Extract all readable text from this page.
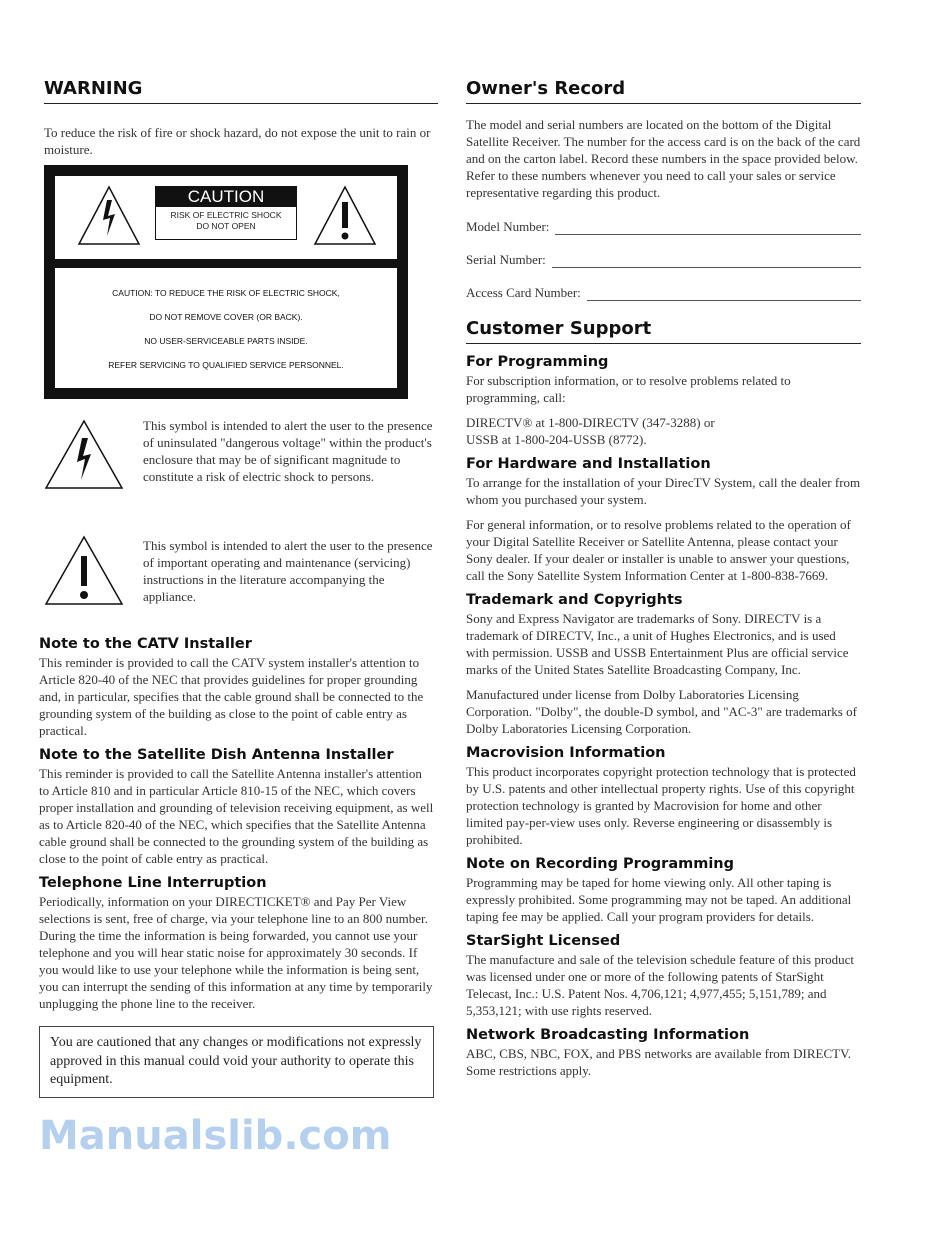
WARNING

To reduce the risk of fire or shock hazard, do not expose the unit to rain or moisture.

CAUTION
RISK OF ELECTRIC SHOCK
DO NOT OPEN
CAUTION: TO REDUCE THE RISK OF ELECTRIC SHOCK,
DO NOT REMOVE COVER (OR BACK).
NO USER-SERVICEABLE PARTS INSIDE.
REFER SERVICING TO QUALIFIED SERVICE PERSONNEL.

This symbol is intended to alert the user to the presence of uninsulated "dangerous voltage" within the product's enclosure that may be of significant magnitude to constitute a risk of electric shock to persons.

This symbol is intended to alert the user to the presence of important operating and maintenance (servicing) instructions in the literature accompanying the appliance.

Note to the CATV Installer

This reminder is provided to call the CATV system installer's attention to Article 820-40 of the NEC that provides guidelines for proper grounding and, in particular, specifies that the cable ground shall be connected to the grounding system of the building as close to the point of cable entry as practical.

Note to the Satellite Dish Antenna Installer

This reminder is provided to call the Satellite Antenna installer's attention to Article 810 and in particular Article 810-15 of the NEC, which covers proper installation and grounding of television receiving equipment, as well as to Article 820-40 of the NEC, which specifies that the Satellite Antenna cable ground shall be connected to the grounding system of the building as close to the point of cable entry as practical.

Telephone Line Interruption

Periodically, information on your DIRECTICKET® and Pay Per View selections is sent, free of charge, via your telephone line to an 800 number. During the time the information is being forwarded, you cannot use your telephone and you will hear static noise for approximately 30 seconds. If you would like to use your telephone while the information is being sent, you can interrupt the sending of this information at any time by temporarily unplugging the phone line to the receiver.

You are cautioned that any changes or modifications not expressly approved in this manual could void your authority to operate this equipment.
Manualslib.com
Owner's Record

The model and serial numbers are located on the bottom of the Digital Satellite Receiver. The number for the access card is on the back of the card and on the carton label. Record these numbers in the space provided below. Refer to these numbers whenever you need to call your sales or service representative regarding this product.

Model Number:
Serial Number:
Access Card Number:
Customer Support
For Programming

For subscription information, or to resolve problems related to programming, call:

DIRECTV® at 1-800-DIRECTV (347-3288) or USSB at 1-800-204-USSB (8772).

For Hardware and Installation

To arrange for the installation of your DirecTV System, call the dealer from whom you purchased your system.

For general information, or to resolve problems related to the operation of your Digital Satellite Receiver or Satellite Antenna, please contact your Sony dealer. If your dealer or installer is unable to answer your questions, call the Sony Satellite System Information Center at 1-800-838-7669.

Trademark and Copyrights

Sony and Express Navigator are trademarks of Sony. DIRECTV is a trademark of DIRECTV, Inc., a unit of Hughes Electronics, and is used with permission. USSB and USSB Entertainment Plus are official service marks of the United States Satellite Broadcasting Company, Inc.

Manufactured under license from Dolby Laboratories Licensing Corporation. "Dolby", the double-D symbol, and "AC-3" are trademarks of Dolby Laboratories Licensing Corporation.

Macrovision Information

This product incorporates copyright protection technology that is protected by U.S. patents and other intellectual property rights. Use of this copyright protection technology is granted by Macrovision for home and other limited pay-per-view uses only. Reverse engineering or disassembly is prohibited.

Note on Recording Programming

Programming may be taped for home viewing only. All other taping is expressly prohibited. Some programming may not be taped. An additional taping fee may be applied. Call your program providers for details.

StarSight Licensed

The manufacture and sale of the television schedule feature of this product was licensed under one or more of the following patents of StarSight Telecast, Inc.: U.S. Patent Nos. 4,706,121; 4,977,455; 5,151,789; and 5,353,121; with use rights reserved.

Network Broadcasting Information

ABC, CBS, NBC, FOX, and PBS networks are available from DIRECTV. Some restrictions apply.
